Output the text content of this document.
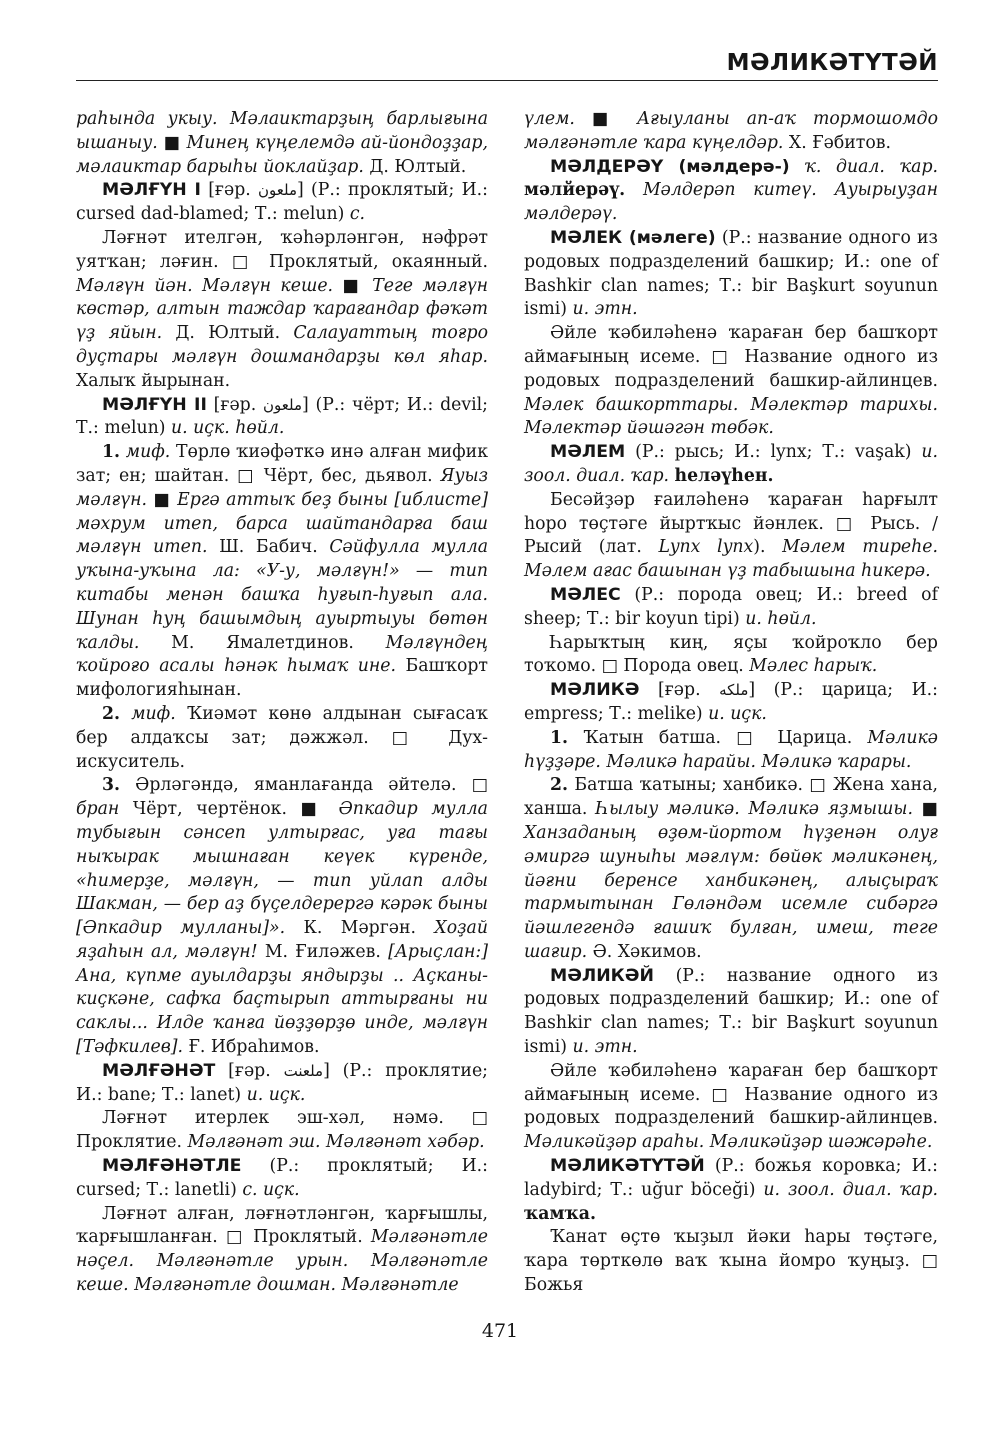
МӘЛИКӘТҮТӘЙ

раһында укыу. Мәлаиктарҙың барлығына ышаныу. ■ Минең күңелемдә ай-йондоҙҙар, мәлаиктар барыһы йоклайҙар. Д. Юлтый.

МӘЛҒҮН I [ғәр. ملعون] (Р.: проклятый; И.: cursed dad-blamed; Т.: melun) с.

Ләғнәт ителгән, ҡәһәрләнгән, нәфрәт уятҡан; ләғин. □ Проклятый, окаянный. Мәлғүн йән. Мәлғүн кеше. ■ Теге мәлғүн көстәр, алтын таждар ҡарағандар фәҡәт үҙ яйын. Д. Юлтый. Салауаттың тоғро дуҫтары мәлғүн дошмандарҙы көл яһар. Халыҡ йырынан.

МӘЛҒҮН II [ғәр. ملعون] (Р.: чёрт; И.: devil; Т.: melun) и. иҫк. һөйл.

1. миф. Төрлө ҡиәфәткә инә алған мифик зат; ен; шайтан. □ Чёрт, бес, дьявол. Яуыз мәлғүн. ■ Ергә аттыҡ беҙ быны [иблисте] мәхрум итеп, барса шайтандарға баш мәлғүн итеп. Ш. Бабич. Сәйфулла мулла уҡына-уҡына ла: «У-у, мәлғүн!» — тип китабы менән башҡа һуғып-һуғып ала. Шунан һуң башымдың ауыртыуы бөтөн ҡалды. М. Ямалетдинов. Мәлғүндең ҡойроғо асалы һәнәк һымаҡ ине. Башҡорт мифологияһынан.

2. миф. Ҡиәмәт көнө алдынан сығасаҡ бер алдаҡсы зат; дәжжәл. □ Дух-искуситель.

3. Әрләгәндә, яманлағанда әйтелә. □ бран Чёрт, чертёнок. ■ Әпкадир мулла тубығын сәнсеп ултырғас, уға тағы ныҡырак мышнаған кеүек күренде, «һимерҙе, мәлғүн, — тип уйлап алды Шакман, — бер аҙ бүҫелдерергә кәрәк быны [Әпкадир мулланы]». К. Мәргән. Хоҙай яҙаһын ал, мәлғүн! М. Ғиләжев. [Арыҫлан:] Ана, күпме ауылдарҙы яндырҙы .. Аҫканы-киҫкәне, сафҡа баҫтырып аттырғаны ни саклы... Илде ҡанға йөҙҙөрҙө инде, мәлғүн [Тәфкилев]. Ғ. Ибраһимов.

МӘЛҒӘНӘТ [ғәр. ملعنت] (Р.: проклятие; И.: bane; Т.: lanet) и. иҫк.

Ләғнәт итерлек эш-хәл, нәмә. □ Проклятие. Мәлғәнәт эш. Мәлғәнәт хәбәр.

МӘЛҒӘНӘТЛЕ (Р.: проклятый; И.: cursed; Т.: lanetli) с. иҫк.

Ләғнәт алған, ләғнәтләнгән, ҡарғышлы, ҡарғышланған. □ Проклятый. Мәлғәнәтле нәҫел. Мәлғәнәтле урын. Мәлғәнәтле кеше. Мәлғәнәтле дошман. Мәлғәнәтле

үлем. ■ Ағыуланы ап-аҡ тормошомдо мәлғәнәтле ҡара күңелдәр. Х. Ғәбитов.

МӘЛДЕРӘҮ (мәлдерә-) ҡ. диал. ҡар. мәлйерәү. Мәлдерәп китеү. Ауырыуҙан мәлдерәү.

МӘЛЕК (мәлеге) (Р.: название одного из родовых подразделений башкир; И.: one of Bashkir clan names; Т.: bir Başkurt soyunun ismi) и. этн.

Әйле ҡәбиләһенә ҡараған бер башҡорт аймағының исеме. □ Название одного из родовых подразделений башкир-айлинцев. Мәлек башкорттары. Мәлектәр тарихы. Мәлектәр йәшәгән төбәк.

МӘЛЕМ (Р.: рысь; И.: lynx; Т.: vaşak) и. зоол. диал. ҡар. һеләүһен.

Бесәйҙәр ғаиләһенә ҡараған һарғылт һоро төҫтәге йыртҡыс йәнлек. □ Рысь. / Рысий (лат. Lynx lynx). Мәлем тиреһе. Мәлем ағас башынан үҙ табышына һикерә.

МӘЛЕС (Р.: порода овец; И.: breed of sheep; Т.: bir koyun tipi) и. һөйл.

Һарыҡтың киң, яҫы ҡойроҡло бер тоҡомо. □ Порода овец. Мәлес һарыҡ.

МӘЛИКӘ [ғәр. ملكه] (Р.: царица; И.: empress; Т.: melike) и. иҫк.

1. Ҡатын батша. □ Царица. Мәликә һүҙҙәре. Мәликә һарайы. Мәликә ҡарары.

2. Батша ҡатыны; ханбикә. □ Жена хана, ханша. Һылыу мәликә. Мәликә яҙмышы. ■ Ханзаданың өҙөм-йортом һүҙенән олуғ әмиргә шуныһы мәғлүм: бөйөк мәликәнең, йәғни беренсе ханбикәнең, алыҫыраҡ тармытынан Гөләндәм исемле сибәргә йәшлегендә ғашиҡ булған, имеш, теге шағир. Ә. Хәкимов.

МӘЛИКӘЙ (Р.: название одного из родовых подразделений башкир; И.: one of Bashkir clan names; Т.: bir Başkurt soyunun ismi) и. этн.

Әйле ҡәбиләһенә ҡараған бер башҡорт аймағының исеме. □ Название одного из родовых подразделений башкир-айлинцев. Мәликәйҙәр араһы. Мәликәйҙәр шәжәрәһе.

МӘЛИКӘТҮТӘЙ (Р.: божья коровка; И.: ladybird; Т.: uğur böceği) и. зоол. диал. ҡар. ҡамҡа.

Ҡанат өҫтө ҡыҙыл йәки һары төҫтәге, ҡара төрткөлө ваҡ ҡына йомро ҡуңыҙ. □ Божья

471
